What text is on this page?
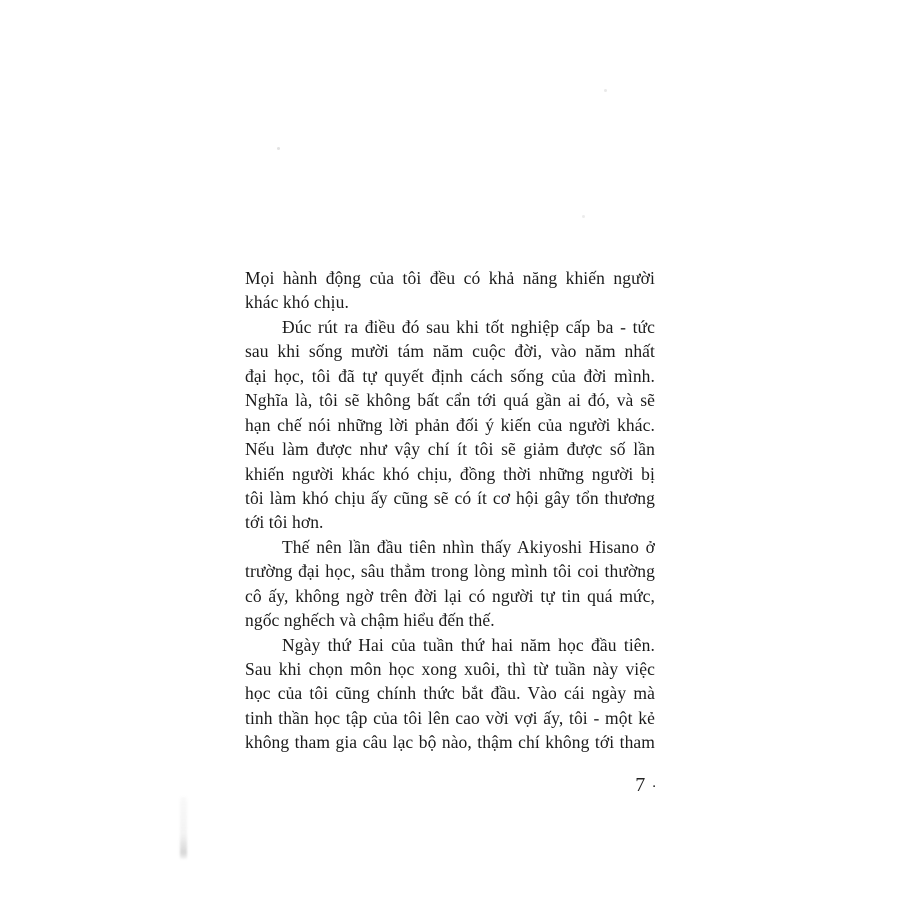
Mọi hành động của tôi đều có khả năng khiến người
khác khó chịu.
Đúc rút ra điều đó sau khi tốt nghiệp cấp ba - tức
sau khi sống mười tám năm cuộc đời, vào năm nhất
đại học, tôi đã tự quyết định cách sống của đời mình.
Nghĩa là, tôi sẽ không bất cẩn tới quá gần ai đó, và sẽ
hạn chế nói những lời phản đối ý kiến của người khác.
Nếu làm được như vậy chí ít tôi sẽ giảm được số lần
khiến người khác khó chịu, đồng thời những người bị
tôi làm khó chịu ấy cũng sẽ có ít cơ hội gây tổn thương
tới tôi hơn.
Thế nên lần đầu tiên nhìn thấy Akiyoshi Hisano ở
trường đại học, sâu thẳm trong lòng mình tôi coi thường
cô ấy, không ngờ trên đời lại có người tự tin quá mức,
ngốc nghếch và chậm hiểu đến thế.
Ngày thứ Hai của tuần thứ hai năm học đầu tiên.
Sau khi chọn môn học xong xuôi, thì từ tuần này việc
học của tôi cũng chính thức bắt đầu. Vào cái ngày mà
tinh thần học tập của tôi lên cao vời vợi ấy, tôi - một kẻ
không tham gia câu lạc bộ nào, thậm chí không tới tham
7 .
